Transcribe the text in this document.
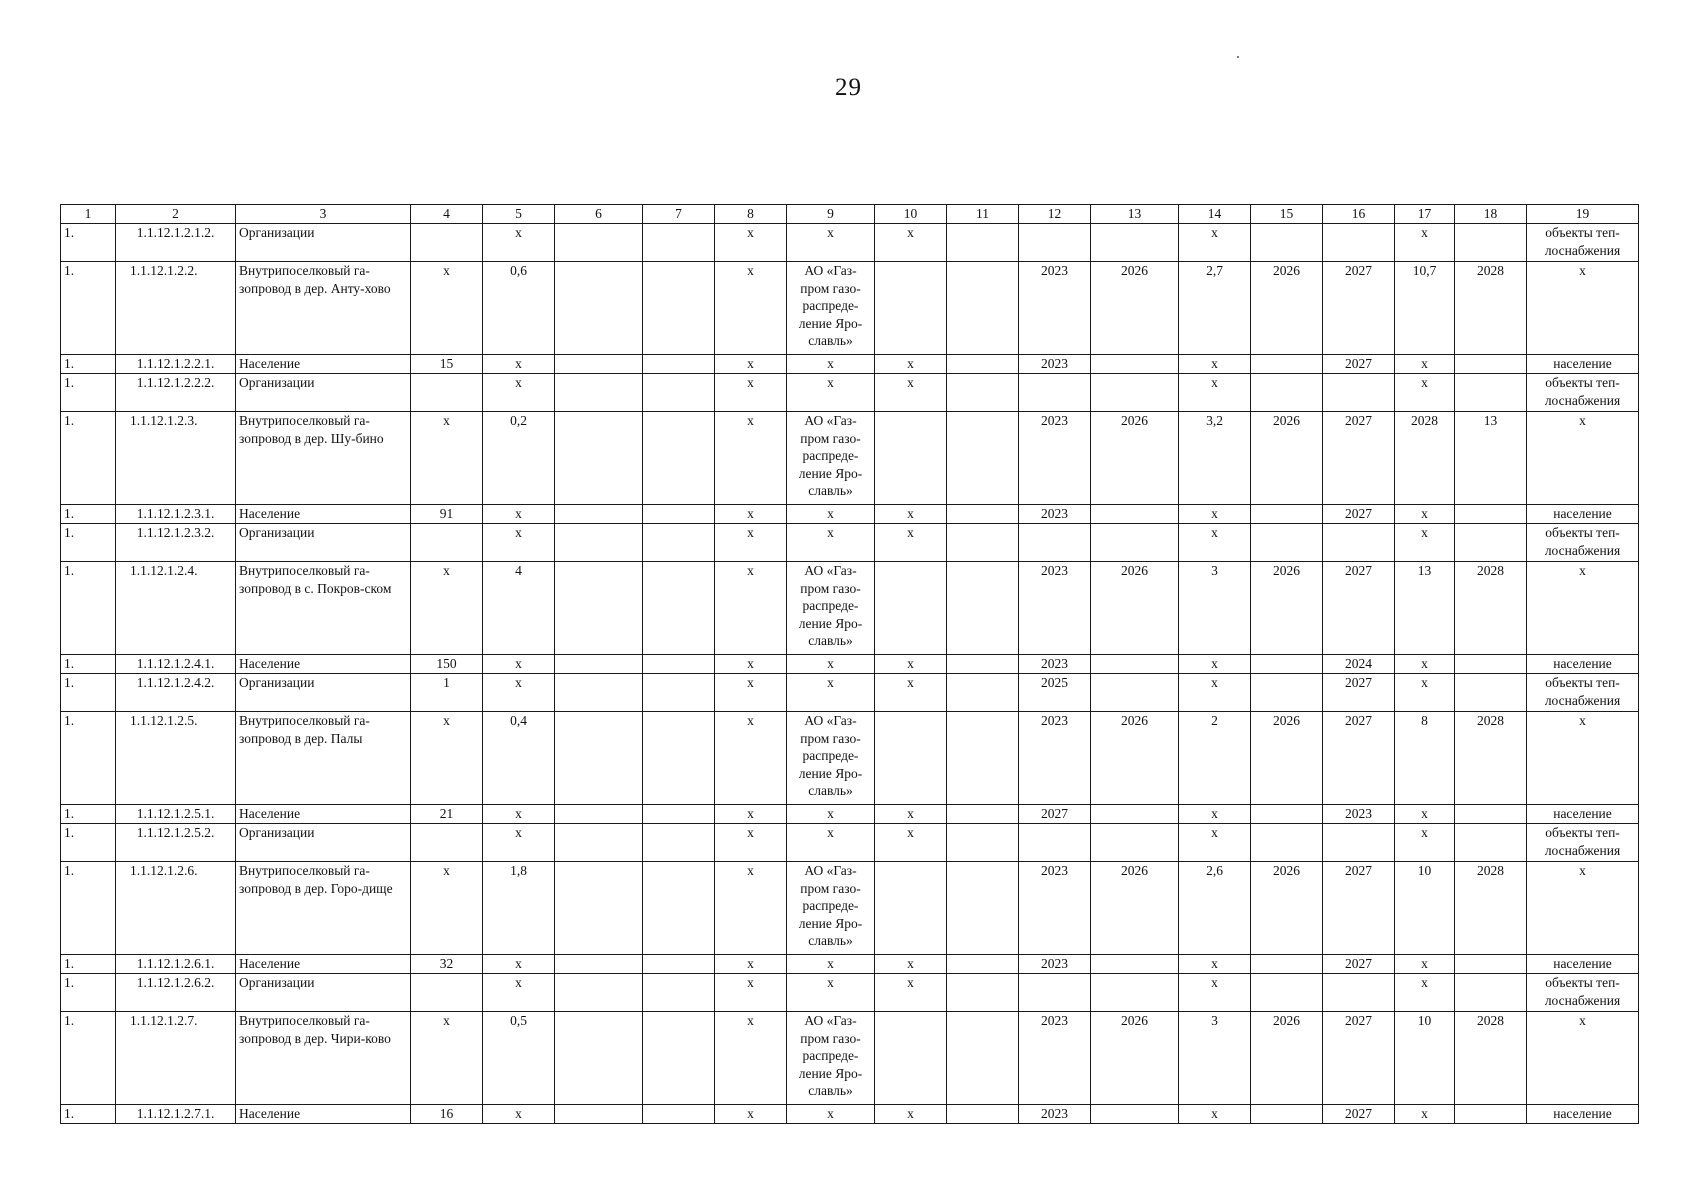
29
1	2	3	4	5	6	7	8	9	10	11	12	13	14	15	16	17	18	19
1.	1.1.12.1.2.1.2.	Организации		x			x	x	x				x			x		объекты теп-лоснабжения
1.	1.1.12.1.2.2.	Внутрипоселковый га-зопровод в дер. Анту-хово	x	0,6			x	АО «Газ-пром газо-распреде-ление Яро-славль»			2023	2026	2,7	2026	2027	10,7	2028	x
1.	1.1.12.1.2.2.1.	Население	15	x			x	x	x		2023		x		2027	x		население
1.	1.1.12.1.2.2.2.	Организации		x			x	x	x				x			x		объекты теп-лоснабжения
1.	1.1.12.1.2.3.	Внутрипоселковый га-зопровод в дер. Шу-бино	x	0,2			x	АО «Газ-пром газо-распреде-ление Яро-славль»			2023	2026	3,2	2026	2027	2028	13	x
1.	1.1.12.1.2.3.1.	Население	91	x			x	x	x		2023		x		2027	x		население
1.	1.1.12.1.2.3.2.	Организации		x			x	x	x				x			x		объекты теп-лоснабжения
1.	1.1.12.1.2.4.	Внутрипоселковый га-зопровод в с. Покров-ском	x	4			x	АО «Газ-пром газо-распреде-ление Яро-славль»			2023	2026	3	2026	2027	13	2028	x
1.	1.1.12.1.2.4.1.	Население	150	x			x	x	x		2023		x		2024	x		население
1.	1.1.12.1.2.4.2.	Организации	1	x			x	x	x		2025		x		2027	x		объекты теп-лоснабжения
1.	1.1.12.1.2.5.	Внутрипоселковый га-зопровод в дер. Палы	x	0,4			x	АО «Газ-пром газо-распреде-ление Яро-славль»			2023	2026	2	2026	2027	8	2028	x
1.	1.1.12.1.2.5.1.	Население	21	x			x	x	x		2027		x		2023	x		население
1.	1.1.12.1.2.5.2.	Организации		x			x	x	x				x			x		объекты теп-лоснабжения
1.	1.1.12.1.2.6.	Внутрипоселковый га-зопровод в дер. Горо-дище	x	1,8			x	АО «Газ-пром газо-распреде-ление Яро-славль»			2023	2026	2,6	2026	2027	10	2028	x
1.	1.1.12.1.2.6.1.	Население	32	x			x	x	x		2023		x		2027	x		население
1.	1.1.12.1.2.6.2.	Организации		x			x	x	x				x			x		объекты теп-лоснабжения
1.	1.1.12.1.2.7.	Внутрипоселковый га-зопровод в дер. Чири-ково	x	0,5			x	АО «Газ-пром газо-распреде-ление Яро-славль»			2023	2026	3	2026	2027	10	2028	x
1.	1.1.12.1.2.7.1.	Население	16	x			x	x	x		2023		x		2027	x		население
